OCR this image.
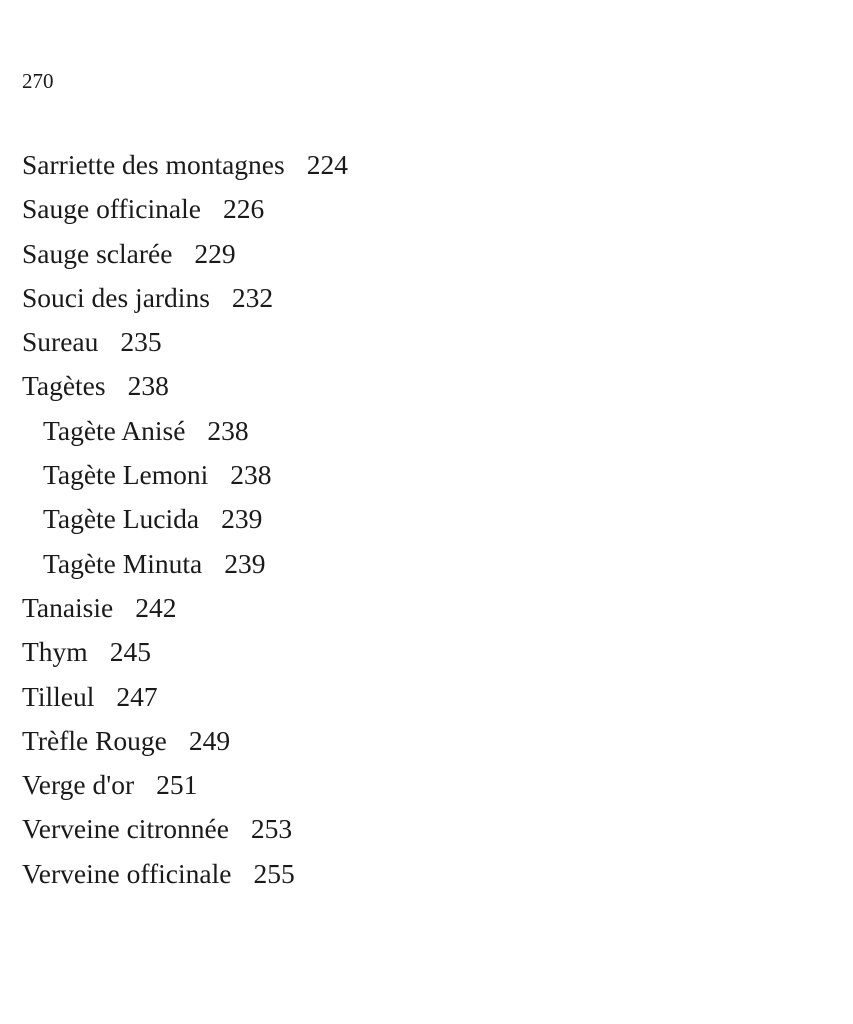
270
Sarriette des montagnes 224
Sauge officinale 226
Sauge sclarée 229
Souci des jardins 232
Sureau 235
Tagètes 238
Tagète Anisé 238
Tagète Lemoni 238
Tagète Lucida 239
Tagète Minuta 239
Tanaisie 242
Thym 245
Tilleul 247
Trèfle Rouge 249
Verge d'or 251
Verveine citronnée 253
Verveine officinale 255
